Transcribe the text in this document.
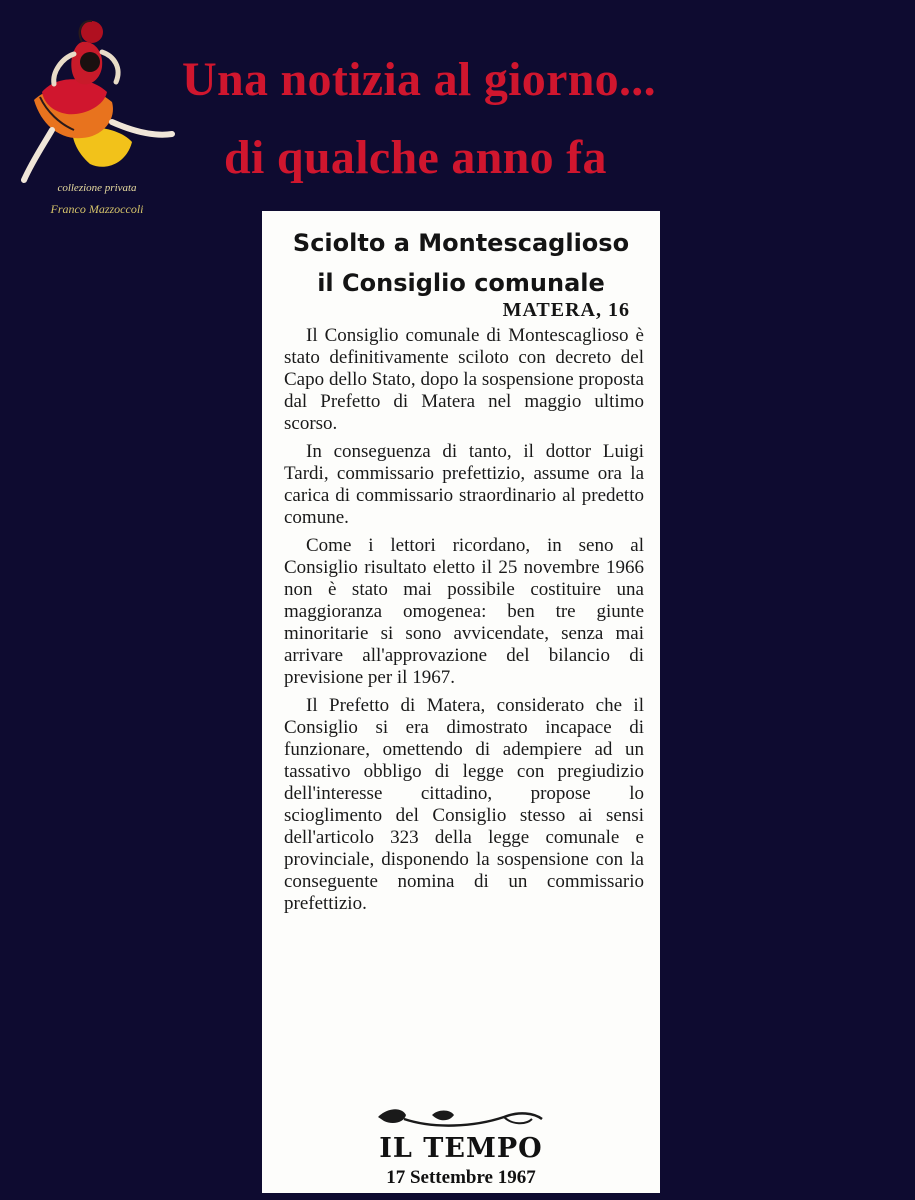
collezione privata
Franco Mazzoccoli
Una notizia al giorno...
di qualche anno fa
Sciolto a Montescaglioso
il Consiglio comunale
MATERA, 16

Il Consiglio comunale di Montescaglioso è stato definitivamente sciloto con decreto del Capo dello Stato, dopo la sospensione proposta dal Prefetto di Matera nel maggio ultimo scorso.

In conseguenza di tanto, il dottor Luigi Tardi, commissario prefettizio, assume ora la carica di commissario straordinario al predetto comune.

Come i lettori ricordano, in seno al Consiglio risultato eletto il 25 novembre 1966 non è stato mai possibile costituire una maggioranza omogenea: ben tre giunte minoritarie si sono avvicendate, senza mai arrivare all'approvazione del bilancio di previsione per il 1967.

Il Prefetto di Matera, considerato che il Consiglio si era dimostrato incapace di funzionare, omettendo di adempiere ad un tassativo obbligo di legge con pregiudizio dell'interesse cittadino, propose lo scioglimento del Consiglio stesso ai sensi dell'articolo 323 della legge comunale e provinciale, disponendo la sospensione con la conseguente nomina di un commissario prefettizio.

IL TEMPO
17 Settembre 1967
